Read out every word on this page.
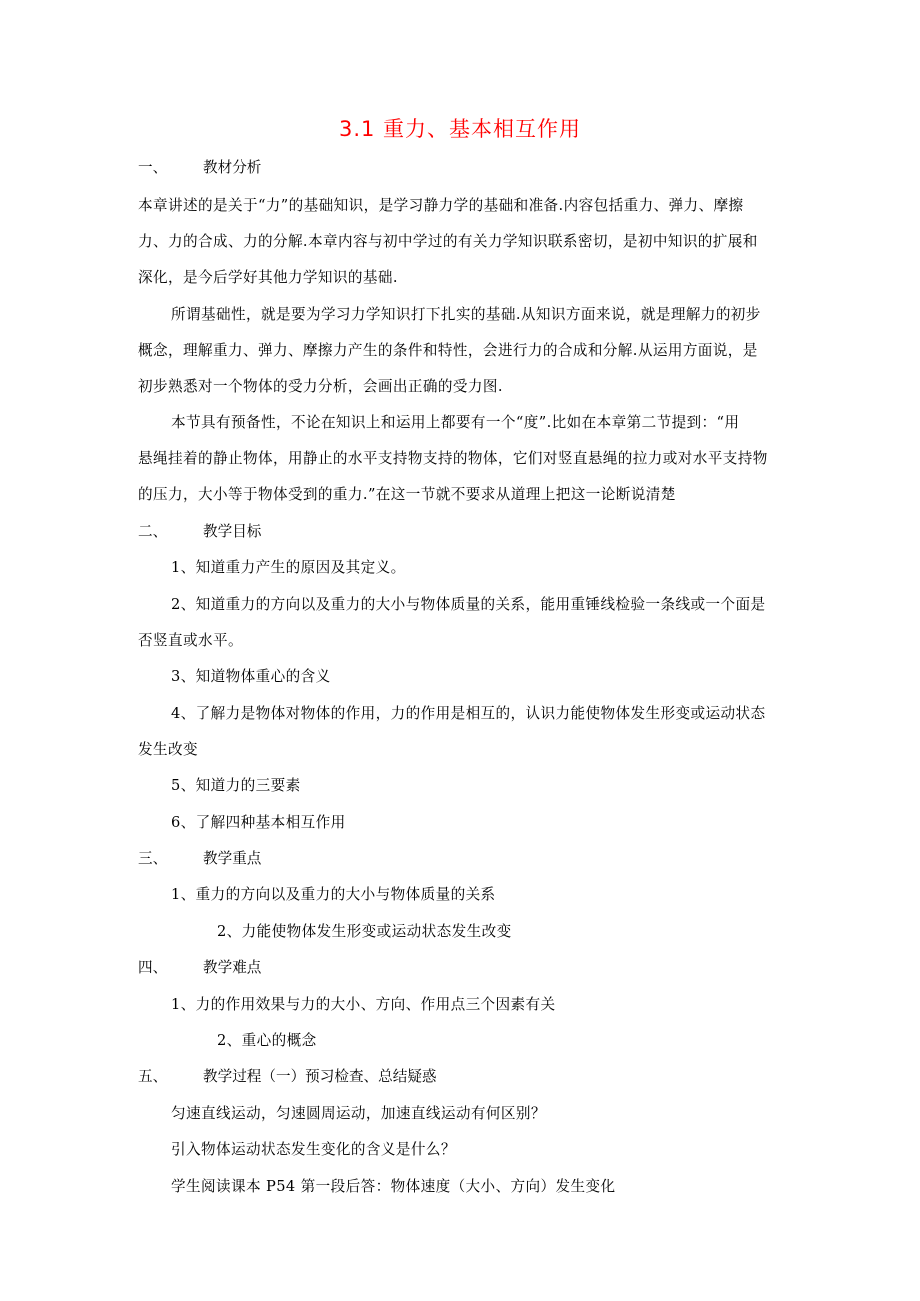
3.1 重力、基本相互作用
一、 教材分析
本章讲述的是关于“力”的基础知识，是学习静力学的基础和准备.内容包括重力、弹力、摩擦
力、力的合成、力的分解.本章内容与初中学过的有关力学知识联系密切，是初中知识的扩展和
深化，是今后学好其他力学知识的基础.
所谓基础性，就是要为学习力学知识打下扎实的基础.从知识方面来说，就是理解力的初步
概念，理解重力、弹力、摩擦力产生的条件和特性，会进行力的合成和分解.从运用方面说，是
初步熟悉对一个物体的受力分析，会画出正确的受力图.
本节具有预备性，不论在知识上和运用上都要有一个“度”.比如在本章第二节提到：“用
悬绳挂着的静止物体，用静止的水平支持物支持的物体，它们对竖直悬绳的拉力或对水平支持物
的压力，大小等于物体受到的重力.”在这一节就不要求从道理上把这一论断说清楚
二、 教学目标
1、知道重力产生的原因及其定义。
2、知道重力的方向以及重力的大小与物体质量的关系，能用重锤线检验一条线或一个面是
否竖直或水平。
3、知道物体重心的含义
4、了解力是物体对物体的作用，力的作用是相互的，认识力能使物体发生形变或运动状态
发生改变
5、知道力的三要素
6、了解四种基本相互作用
三、 教学重点
1、重力的方向以及重力的大小与物体质量的关系
2、力能使物体发生形变或运动状态发生改变
四、 教学难点
1、力的作用效果与力的大小、方向、作用点三个因素有关
2、重心的概念
五、 教学过程（一）预习检查、总结疑惑
匀速直线运动，匀速圆周运动，加速直线运动有何区别？
引入物体运动状态发生变化的含义是什么？
学生阅读课本 P54 第一段后答：物体速度（大小、方向）发生变化
